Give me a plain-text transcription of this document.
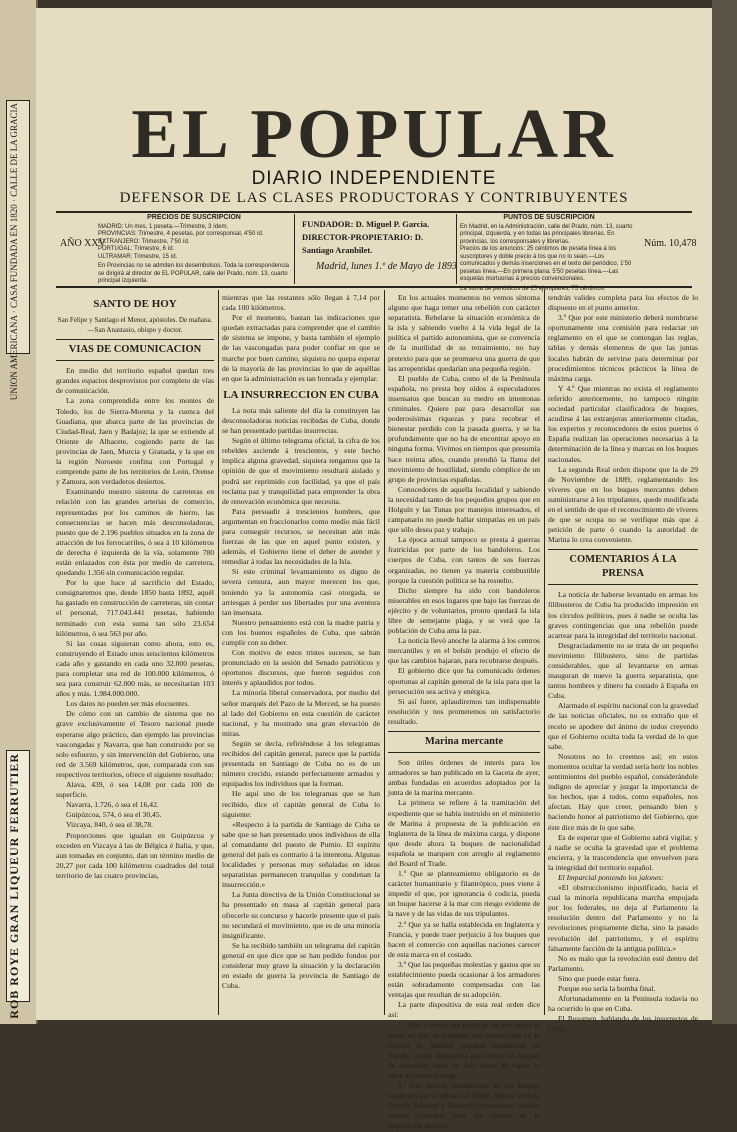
UNION AMERICANA · CASA FUNDADA EN 1820 · CALLE DE LA GRACIA
ROB ROYE GRAN LIQUEUR FERRUTIER
EL POPULAR
DIARIO INDEPENDIENTE
DEFENSOR DE LAS CLASES PRODUCTORAS Y CONTRIBUYENTES
AÑO XXV
PRECIOS DE SUSCRIPCIÓN
MADRID: Un mes, 1 peseta.—Trimestre, 3 ídem.
PROVINCIAS: Trimestre, 4 pesetas, por corresponsal, 4'50 íd.
EXTRANJERO: Trimestre, 7'50 íd.
PORTUGAL: Trimestre, 6 íd.
ULTRAMAR: Trimestre, 15 íd.
En Provincias no se admiten los desembolsos. Toda la correspondencia se dirigirá al director de EL POPULAR, calle del Prado, núm. 13, cuarto principal izquierda.
FUNDADOR: D. Miguel P. García.
DIRECTOR-PROPIETARIO: D. Santiago Aranbilet.
Madrid, lunes 1.º de Mayo de 1893
PUNTOS DE SUSCRIPCIÓN
En Madrid, en la Administración, calle del Prado, núm. 13, cuarto principal, izquierda, y en todas las principales librerías. En provincias, los corresponsales y librerías.
Precios de los anuncios: 25 céntimos de peseta línea á los suscriptores y doble precio á los que no lo sean.—Los comunicados y demás inserciones en el texto del periódico, 1'50 pesetas línea.—En primera plana, 5'50 pesetas línea.—Las esquelas mortuorias á precios convencionales.
La suma de periódicos de 25 ejemplares, 75 céntimos.
Núm. 10,478

SANTO DE HOY

San Felipe y Santiago el Menor, apóstoles. De mañana.—San Anastasio, obispo y doctor.

VIAS DE COMUNICACION

En medio del territorio español quedan tres grandes espacios desprovistos por completo de vías de comunicación.

La zona comprendida entre los montes de Toledo, los de Sierra-Morena y la cuenca del Guadiana, que abarca parte de las provincias de Ciudad-Real, Jaen y Badajoz; la que se extiende al Oriente de Albacete, cogiendo parte de las provincias de Jaen, Murcia y Granada, y la que en la región Noroeste confina con Portugal y comprende parte de los territorios de León, Orense y Zamora, son verdaderos desiertos.

Examinando nuestro sistema de carreteras en relación con las grandes arterias de comercio, representadas por los caminos de hierro, las consecuencias se hacen más desconsoladoras, puesto que de 2.196 pueblos situados en la zona de atracción de los ferrocarriles, ó sea á 10 kilómetros de derecha é izquierda de la vía, solamente 780 están enlazados con ésta por medio de carretera, quedando 1.356 sin comunicación regular.

Por lo que hace al sacrificio del Estado, consignaremos que, desde 1850 hasta 1892, aquél ha gastado en construcción de carreteras, sin contar el personal, 717.043.441 pesetas, habiendo terminado con esta suma tan sólo 23.654 kilómetros, ó sea 563 por año.

Si las cosas siguieran como ahora, esto es, construyendo el Estado unos seiscientos kilómetros cada año y gastando en cada uno 32.000 pesetas, para completar una red de 100.000 kilómetros, ó sea para construir 62.000 más, se necesitarían 103 años y más. 1.984.000.000.

Los datos no pueden ser más elocuentes.

De cómo con un cambio de sistema que no grave exclusivamente el Tesoro nacional puede esperarse algo práctico, dan ejemplo las provincias vascongadas y Navarra, que han construido por su solo esfuerzo, y sin intervención del Gobierno, una red de 3.569 kilómetros, que, comparada con sus respectivos territorios, ofrece el siguiente resultado:

Alava, 439, ó sea 14,08 por cada 100 de superficie.

Navarra, 1.726, ó sea el 16,42.

Guipúzcoa, 574, ó sea el 30,45.

Vizcaya, 840, ó sea el 38,78.

Proporciones que igualan en Guipúzcoa y exceden en Vizcaya á las de Bélgica é Italia, y que, aun tomadas en conjunto, dan un término medio de 20,27 por cada 100 kilómetros cuadrados del total territorio de las cuatro provincias,

mientras que las restantes sólo llegan á 7,14 por cada 100 kilómetros.

Por el momento, bastan las indicaciones que quedan extractadas para comprender que el cambio de sistema se impone, y basta también el ejemplo de las vascongadas para poder confiar en que se marche por buen camino, siquiera no quepa esperar de la mayoría de las provincias lo que de aquéllas en que la administración es tan honrada y ejemplar.

LA INSURRECCION EN CUBA

La nota más saliente del día la constituyen las desconsoladoras noticias recibidas de Cuba, donde se han presentado partidas insurrectas.

Según el último telegrama oficial, la cifra de los rebeldes asciende á trescientos, y este hecho implica alguna gravedad, siquiera tengamos que la opinión de que el movimiento resultará aislado y podrá ser reprimido con facilidad, ya que el país reclama paz y tranquilidad para emprender la obra de renovación económica que necesita.

Para persuadir á trescientos hombres, que argumentan en fraccionarlos como medio más fácil para conseguir recursos, se necesitan aún más fuerzas de las que en aquel punto existen, y además, el Gobierno tiene el deber de atender y remediar á todas las necesidades de la Isla.

Si este criminal levantamiento es digno de severa censura, aun mayor merecen los que, teniendo ya la autonomía casi otorgada, se arriesgan á perder sus libertades por una aventura tan insensata.

Nuestro pensamiento está con la madre patria y con los buenos españoles de Cuba, que sabrán cumplir con su deber.

Con motivo de estos tristes sucesos, se han pronunciado en la sesión del Senado patrióticos y oportunos discursos, que fueron seguidos con interés y aplaudidos por todos.

La minoría liberal conservadora, por medio del señor marqués del Pazo de la Merced, se ha puesto al lado del Gobierno en esta cuestión de carácter nacional, y ha mostrado una gran elevación de miras.

Según se decía, refiriéndose á los telegramas recibidos del capitán general, parece que la partida presentada en Santiago de Cuba no es de un número crecido, estando perfectamente armados y equipados los individuos que la forman.

He aquí uno de los telegramas que se han recibido, dice el capitán general de Cuba lo siguiente:

«Respecto á la partida de Santiago de Cuba se sabe que se han presentado unos individuos de ella al comandante del puesto de Purnio. El espíritu general del país es contrario á la intentona. Algunas localidades y personas muy señaladas en ideas separatistas permanecen tranquilas y condenan la insurrección.»

La Junta directiva de la Unión Constitucional se ha presentado en masa al capitán general para ofrecerle su concurso y hacerle presente que el país no secundará el movimiento, que es de una minoría insignificante.

Se ha recibido también un telegrama del capitán general en que dice que se han pedido fondos por considerar muy grave la situación y la declaración en estado de guerra la provincia de Santiago de Cuba.

En los actuales momentos no vemos síntoma alguno que haga temer una rebelión con carácter separatista. Rebelarse la situación económica de la isla y sabiendo vuelto á la vida legal de la política el partido autonomista, que se convencía de la inutilidad de su retraimiento, no hay pretexto para que se promueva una guerra de que las arrepentidas quedarían una pequeña región.

El pueblo de Cuba, como el de la Península española, no presta hoy oídos á especuladores insensatos que buscan su medro en intentonas criminales. Quiere paz para desarrollar sus poderosísimas riquezas y para recobrar el bienestar perdido con la pasada guerra, y se ha profundamente que no ha de encontrar apoyo en ninguna forma. Vivimos en tiempos que presumía hace treinta años, cuando prendió la llama del movimiento de hostilidad, siendo cómplice de un grupo de provincias españolas.

Conocedores de aquella localidad y sabiendo la necesidad tanto de los pequeños grupos que en Holguín y las Tunas por manejos interesados, el campanario no puede hallar simpatías en un país que sólo desea paz y trabajo.

La época actual tampoco se presta á guerras fratricidas por parte de los bandoleros. Los cuerpos de Cuba, con tantos de sus fuerzas organizadas, no tienen ya materia combustible porque la cuestión política se ha resuelto.

Dicho siempre ha sido con bandoleros miserables en esos lugares que bajo las fuerzas de ejército y de voluntarios, pronto quedará la isla libre de semejante plaga, y se verá que la población de Cuba ama la paz.

La noticia llevó anoche la alarma á los centros mercantiles y en el bolsín produjo el efecto de que las cambios bajaran, para recobrarse después.

El gobierno dice que ha comunicado órdenes oportunas al capitán general de la isla para que la persecución sea activa y enérgica.

Si así fuere, aplaudiremos tan indispensable resolución y nos prometemos un satisfactorio resultado.

Marina mercante

Son útiles órdenes de interés para los armadores se han publicado en la Gaceta de ayer, ambas fundadas en acuerdos adoptados por la junta de la marina mercante.

La primera se refiere á la tramitación del expediente que se había instruido en el ministerio de Marina á propuesta de la publicación en Inglaterra de la línea de máxima carga, y dispone que desde ahora la buques de nacionalidad española se marquen con arreglo al reglamento del Board of Trade.

1.º Que se planteamiento obligatorio es de carácter humanitario y filantrópico, pues viene á impedir el que, por ignorancia ó codicia, pueda un buque hacerse á la mar con riesgo evidente de la nave y de las vidas de sus tripulantes.

2.º Que ya se halla establecida en Inglaterra y Francia, y puede traer perjuicio á los buques que hacen el comercio con aquellas naciones carecer de esta marca en el costado.

3.º Que las pequeñas molestias y gastos que su establecimiento pueda ocasionar á los armadores están sobradamente compensadas con las ventajas que resultan de su adopción.

La parte dispositiva de esta real orden dice así:

1.º Que á contar del plazo de un año desde la fecha en que se publique esta disposición en la Gaceta de Madrid, quedará establecida en España, como obligatoria para todos los buques de comercio, tanto de vela como de vapor, la línea de máxima carga.

2.º Las marcas establecidas en los buques españoles por el «Board of Trade, Bureau Veritas, Lloyd's Register y Britisch Corporation» tendrán valides completa para los efectos de la disposición anterior.

tendrán valides completa para los efectos de lo dispuesto en el punto anterior.

3.º Que por este ministerio deberá nombrarse oportunamente una comisión para redactar un reglamento en el que se contengan las reglas, tablas y demás elementos de que las juntas locales habrán de servirse para determinar por procedimientos técnicos prácticos la línea de máxima carga.

Y 4.º Que mientras no exista el reglamento referido anteriormente, no tampoco ningún sociedad particular clasificadora de buques, acudirse á las extranjeras anteriormente citadas, los expertos y reconocedores de estos puertos ó España realizan las operaciones necesarias á la determinación de la línea y marcas en los buques nacionales.

La segunda Real orden dispone que la de 29 de Noviembre de 1889, reglamentando los víveres que en los buques mercantes deben suministrarse á los tripulantes, quede modificada en el sentido de que el reconocimiento de víveres de que se ocupa no se verifique más que á petición de parte ó cuando la autoridad de Marina lo crea conveniente.

COMENTARIOS Á LA PRENSA

La noticia de haberse levantado en armas los filibusteros de Cuba ha producido impresión en los círculos políticos, pues á nadie se oculta las graves contingencias que una rebelión puede acarrear para la integridad del territorio nacional.

Desgraciadamente no se trata de un pequeño movimiento filibustero, sino de partidas considerables, que al levantarse en armas inauguran de nuevo la guerra separatista, que tantos hombres y dinero ha costado á España en Cuba.

Alarmado el espíritu nacional con la gravedad de las noticias oficiales, no es extraño que el recelo se apodere del ánimo de todos creyendo que el Gobierno oculta toda la verdad de lo que sabe.

Nosotros no lo creemos así; en estos momentos ocultar la verdad sería herir los nobles sentimientos del pueblo español, considerándole indigno de apreciar y juzgar la importancia de los hechos, que á todos, como españoles, nos afectan. Hay que creer, pensando bien y haciendo honor al patriotismo del Gobierno, que éste dice más de lo que sabe.

Es de esperar que el Gobierno sabrá vigilar, y á nadie se oculta la gravedad que el problema encierra, y la trascendencia que envuelven para la integridad del territorio español.

El Imparcial poniendo los jalones:

«El obstruccionismo injustificado, hacia el cual la minoría republicana marcha empujada por los federales, no deja al Parlamento la resolución dentro del Parlamento y no la revoluciones propiamente dicha, sino la pasado revolución del patriotismo, y el espíritu falsamente facción de la antigua política.»

No es malo que la revolución esté dentro del Parlamento.

Sino que puede estar fuera.

Porque eso sería la bomba final.

Afortunadamente en la Península todavía no ha ocurrido lo que en Cuba.

El Resumen, hablando de los insurrectos de Cuba:
